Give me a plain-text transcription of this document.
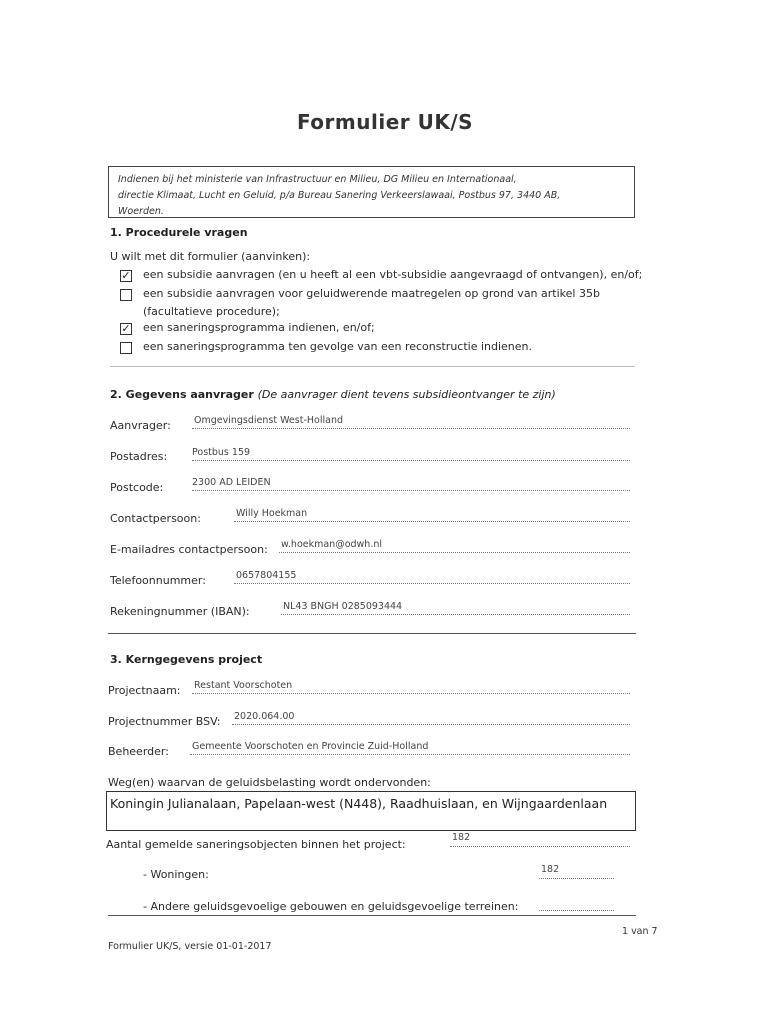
Formulier UK/S
Indienen bij het ministerie van Infrastructuur en Milieu, DG Milieu en Internationaal,
directie Klimaat, Lucht en Geluid, p/a Bureau Sanering Verkeerslawaai, Postbus 97, 3440 AB,
Woerden.
1. Procedurele vragen
U wilt met dit formulier (aanvinken):
✓ een subsidie aanvragen (en u heeft al een vbt-subsidie aangevraagd of ontvangen), en/of;
een subsidie aanvragen voor geluidwerende maatregelen op grond van artikel 35b
(facultatieve procedure);
✓ een saneringsprogramma indienen, en/of;
een saneringsprogramma ten gevolge van een reconstructie indienen.
2. Gegevens aanvrager (De aanvrager dient tevens subsidieontvanger te zijn)
Aanvrager: Omgevingsdienst West-Holland
Postadres:	Postbus 159
Postcode:	2300 AD LEIDEN
Contactpersoon:	Willy Hoekman
E-mailadres contactpersoon: w.hoekman@odwh.nl
Telefoonnummer:	0657804155
Rekeningnummer (IBAN):	NL43 BNGH 0285093444
3. Kerngegevens project
Projectnaam: Restant Voorschoten
Projectnummer BSV: 2020.064.00
Beheerder: Gemeente Voorschoten en Provincie Zuid-Holland
Weg(en) waarvan de geluidsbelasting wordt ondervonden:
Koningin Julianalaan, Papelaan-west (N448), Raadhuislaan, en Wijngaardenlaan
Aantal gemelde saneringsobjecten binnen het project:
182
- Woningen:	182
- Andere geluidsgevoelige gebouwen en geluidsgevoelige terreinen:
1 van 7
Formulier UK/S, versie 01-01-2017
